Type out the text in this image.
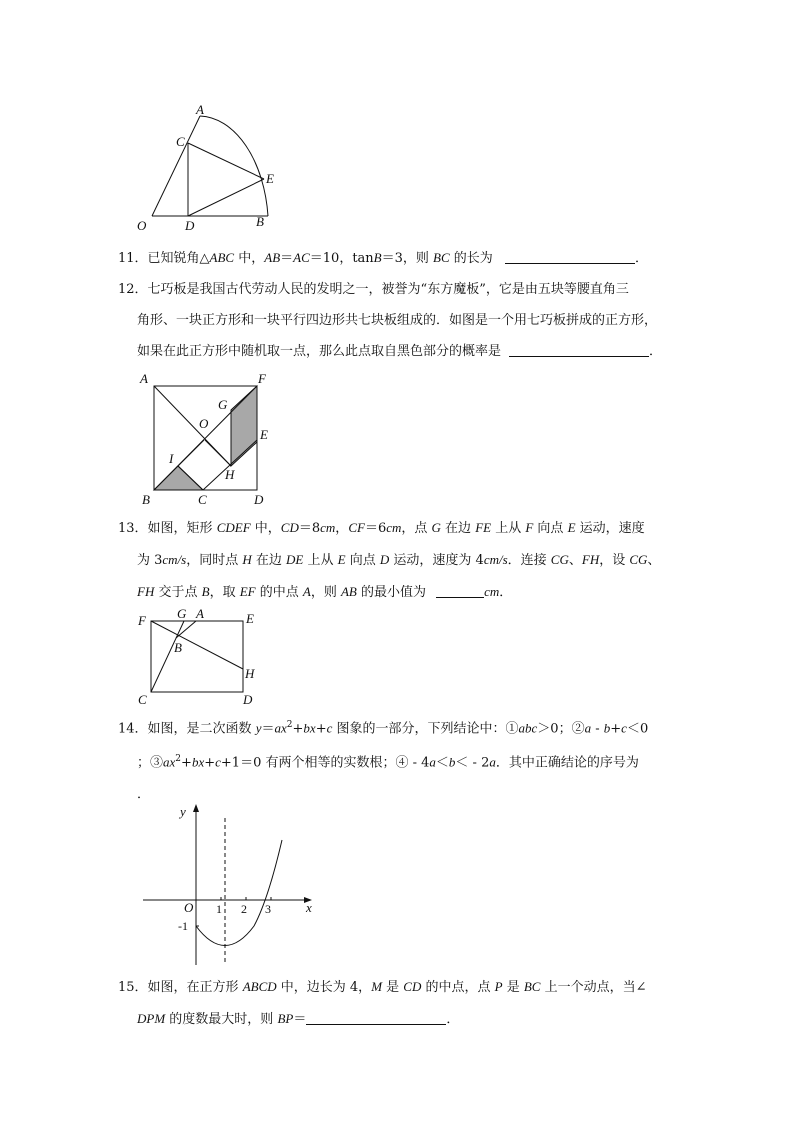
A
C
E
O	D	B

11．已知锐角△ABC 中，AB＝AC＝10，tanB＝3，则 BC 的长为	．

12．七巧板是我国古代劳动人民的发明之一，被誉为“东方魔板”，它是由五块等腰直角三

角形、一块正方形和一块平行四边形共七块板组成的．如图是一个用七巧板拼成的正方形，

如果在此正方形中随机取一点，那么此点取自黑色部分的概率是	．

A	F
G
O
E
I
H
B	C	D

13．如图，矩形 CDEF 中，CD＝8cm，CF＝6cm，点 G 在边 FE 上从 F 向点 E 运动，速度

为 3cm/s，同时点 H 在边 DE 上从 E 向点 D 运动，速度为 4cm/s．连接 CG、FH，设 CG、

FH 交于点 B，取 EF 的中点 A，则 AB 的最小值为	cm．

F G A	E
B
H
C	D

14．如图，是二次函数 $y=ax^2+bx+c$ 图象的一部分，下列结论中：①abc＞0；②a - b+c＜0

；$③ax^2+bx+c+1=0$ 有两个相等的实数根；④ - 4a＜b＜ - 2a．其中正确结论的序号为

．

y
x
O 1 2 3
-1

15．如图，在正方形 ABCD 中，边长为 4，M 是 CD 的中点，点 P 是 BC 上一个动点，当∠

DPM 的度数最大时，则 BP＝	．
